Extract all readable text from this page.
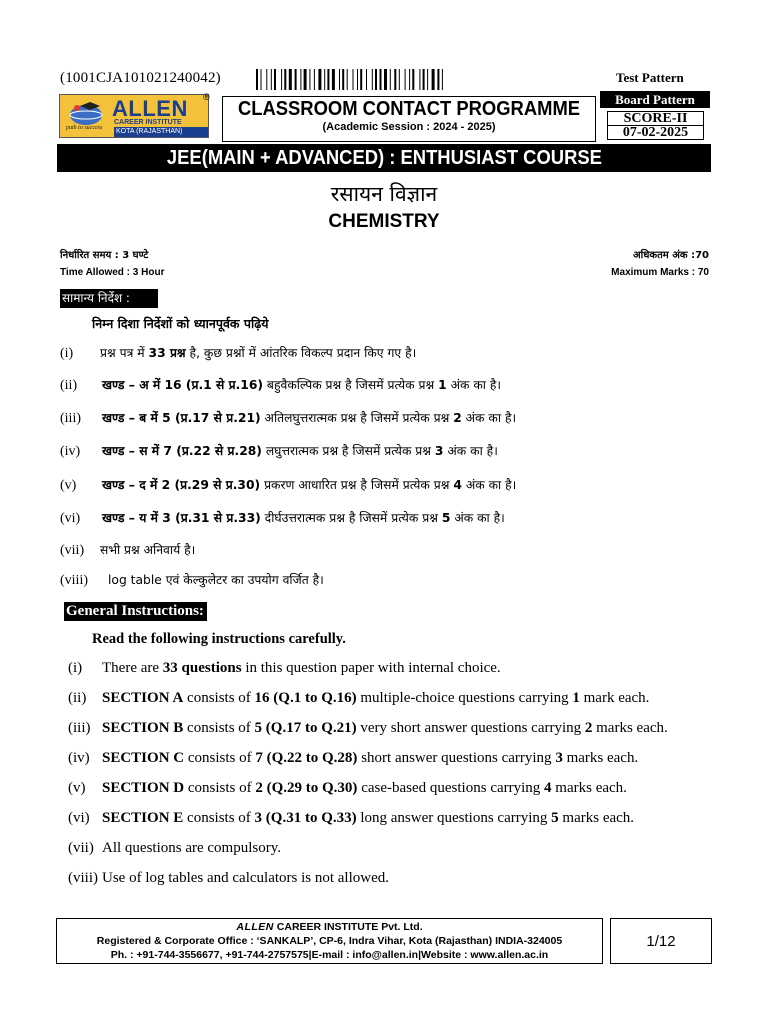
(1001CJA101021240042)	Test Pattern
path to success
ALLEN
CAREER INSTITUTE
KOTA (RAJASTHAN)
®
CLASSROOM CONTACT PROGRAMME
(Academic Session : 2024 - 2025)
Board Pattern
SCORE-II
07-02-2025
JEE(MAIN + ADVANCED) : ENTHUSIAST COURSE
रसायन विज्ञान
CHEMISTRY
निर्धारित समय : 3 घण्टे
Time Allowed : 3 Hour
अधिकतम अंक :70
Maximum Marks : 70
सामान्य निर्देश :
निम्न दिशा निर्देशों को ध्यानपूर्वक पढ़िये
(i) प्रश्न पत्र में 33 प्रश्न है, कुछ प्रश्नों में आंतरिक विकल्प प्रदान किए गए है।
(ii) खण्ड – अ में 16 (प्र.1 से प्र.16) बहुवैकल्पिक प्रश्न है जिसमें प्रत्येक प्रश्न 1 अंक का है।
(iii) खण्ड – ब में 5 (प्र.17 से प्र.21) अतिलघुत्तरात्मक प्रश्न है जिसमें प्रत्येक प्रश्न 2 अंक का है।
(iv) खण्ड – स में 7 (प्र.22 से प्र.28) लघुत्तरात्मक प्रश्न है जिसमें प्रत्येक प्रश्न 3 अंक का है।
(v) खण्ड – द में 2 (प्र.29 से प्र.30) प्रकरण आधारित प्रश्न है जिसमें प्रत्येक प्रश्न 4 अंक का है।
(vi) खण्ड – य में 3 (प्र.31 से प्र.33) दीर्घउत्तरात्मक प्रश्न है जिसमें प्रत्येक प्रश्न 5 अंक का है।
(vii) सभी प्रश्न अनिवार्य है।
(viii) log table एवं केल्कुलेटर का उपयोग वर्जित है।
General Instructions:
Read the following instructions carefully.
(i) There are 33 questions in this question paper with internal choice.
(ii) SECTION A consists of 16 (Q.1 to Q.16) multiple-choice questions carrying 1 mark each.
(iii) SECTION B consists of 5 (Q.17 to Q.21) very short answer questions carrying 2 marks each.
(iv) SECTION C consists of 7 (Q.22 to Q.28) short answer questions carrying 3 marks each.
(v) SECTION D consists of 2 (Q.29 to Q.30) case-based questions carrying 4 marks each.
(vi) SECTION E consists of 3 (Q.31 to Q.33) long answer questions carrying 5 marks each.
(vii) All questions are compulsory.
(viii) Use of log tables and calculators is not allowed.
ALLEN CAREER INSTITUTE Pvt. Ltd.
Registered & Corporate Office : ‘SANKALP’, CP-6, Indra Vihar, Kota (Rajasthan) INDIA-324005
Ph. : +91-744-3556677, +91-744-2757575|E-mail : info@allen.in|Website : www.allen.ac.in
1/12
